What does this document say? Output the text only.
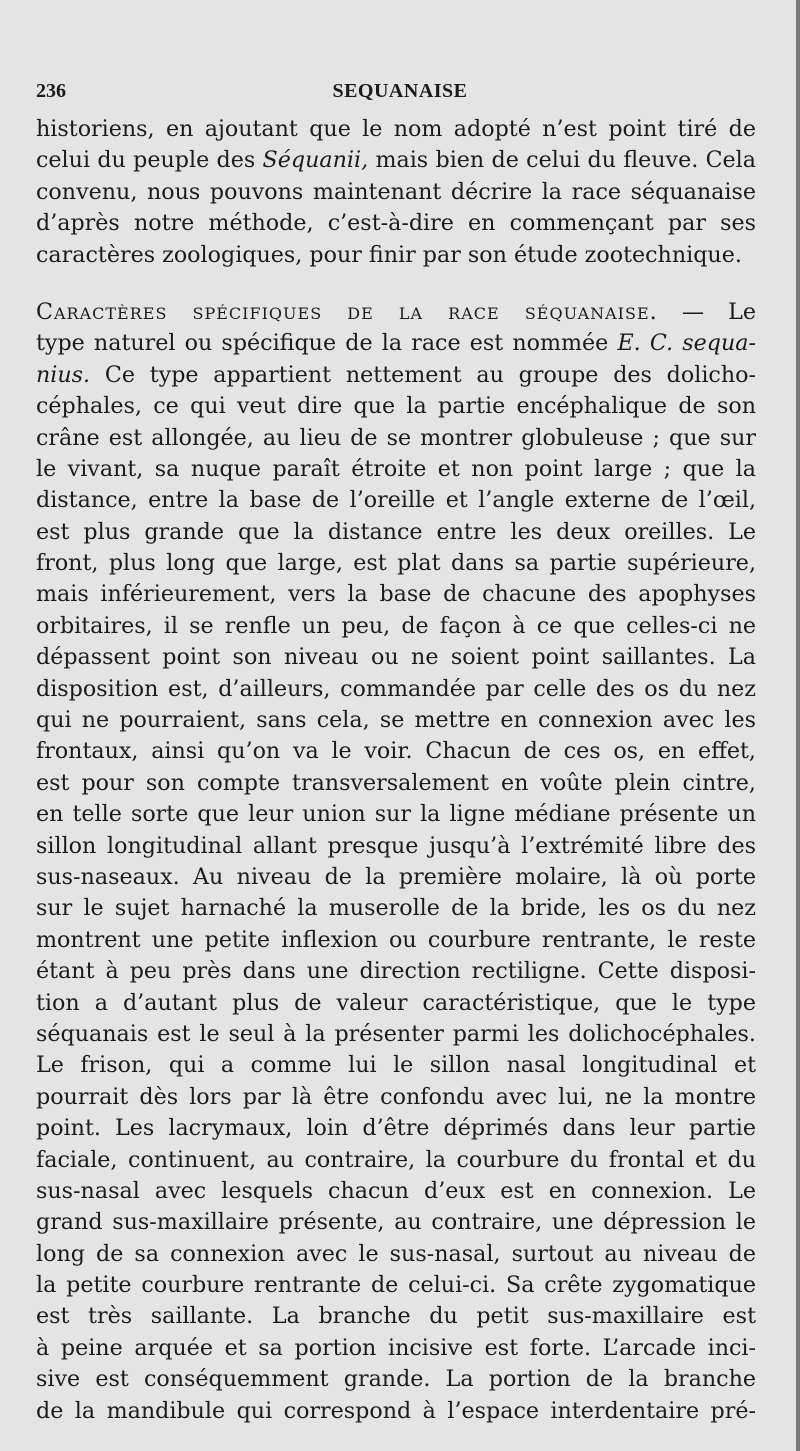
236	SEQUANAISE
historiens, en ajoutant que le nom adopté n’est point tiré de
celui du peuple des Séquanii, mais bien de celui du fleuve. Cela
convenu, nous pouvons maintenant décrire la race séquanaise
d’après notre méthode, c’est-à-dire en commençant par ses
caractères zoologiques, pour finir par son étude zootechnique.
Caractères spécifiques de la race séquanaise. — Le
type naturel ou spécifique de la race est nommée E. C. sequa-
nius. Ce type appartient nettement au groupe des dolicho-
céphales, ce qui veut dire que la partie encéphalique de son
crâne est allongée, au lieu de se montrer globuleuse ; que sur
le vivant, sa nuque paraît étroite et non point large ; que la
distance, entre la base de l’oreille et l’angle externe de l’œil,
est plus grande que la distance entre les deux oreilles. Le
front, plus long que large, est plat dans sa partie supérieure,
mais inférieurement, vers la base de chacune des apophyses
orbitaires, il se renfle un peu, de façon à ce que celles-ci ne
dépassent point son niveau ou ne soient point saillantes. La
disposition est, d’ailleurs, commandée par celle des os du nez
qui ne pourraient, sans cela, se mettre en connexion avec les
frontaux, ainsi qu’on va le voir. Chacun de ces os, en effet,
est pour son compte transversalement en voûte plein cintre,
en telle sorte que leur union sur la ligne médiane présente un
sillon longitudinal allant presque jusqu’à l’extrémité libre des
sus-naseaux. Au niveau de la première molaire, là où porte
sur le sujet harnaché la muserolle de la bride, les os du nez
montrent une petite inflexion ou courbure rentrante, le reste
étant à peu près dans une direction rectiligne. Cette disposi-
tion a d’autant plus de valeur caractéristique, que le type
séquanais est le seul à la présenter parmi les dolichocéphales.
Le frison, qui a comme lui le sillon nasal longitudinal et
pourrait dès lors par là être confondu avec lui, ne la montre
point. Les lacrymaux, loin d’être déprimés dans leur partie
faciale, continuent, au contraire, la courbure du frontal et du
sus-nasal avec lesquels chacun d’eux est en connexion. Le
grand sus-maxillaire présente, au contraire, une dépression le
long de sa connexion avec le sus-nasal, surtout au niveau de
la petite courbure rentrante de celui-ci. Sa crête zygomatique
est très saillante. La branche du petit sus-maxillaire est
à peine arquée et sa portion incisive est forte. L’arcade inci-
sive est conséquemment grande. La portion de la branche
de la mandibule qui correspond à l’espace interdentaire pré-
